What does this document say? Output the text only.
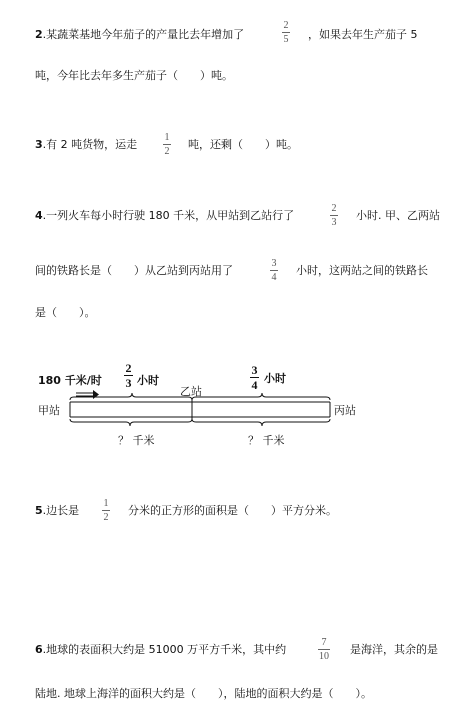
2.某蔬菜基地今年茄子的产量比去年增加了
2
5 ，如果去年生产茄子 5
吨，今年比去年多生产茄子（　　）吨。
3.有 2 吨货物，运走
1
2
吨，还剩（　　）吨。
4.一列火车每小时行驶 180 千米，从甲站到乙站行了
2
3
小时. 甲、乙两站
间的铁路长是（　　）从乙站到丙站用了
3
4
小时，这两站之间的铁路长
是（　　）。
180 千米/时
2
3 小时
3
4 小时
乙站
甲站	丙站
？ 千米	？ 千米
5.边长是
1
2
分米的正方形的面积是（　　）平方分米。
6.地球的表面积大约是 51000 万平方千米，其中约
7
10
是海洋，其余的是
陆地. 地球上海洋的面积大约是（　　），陆地的面积大约是（　　）。
